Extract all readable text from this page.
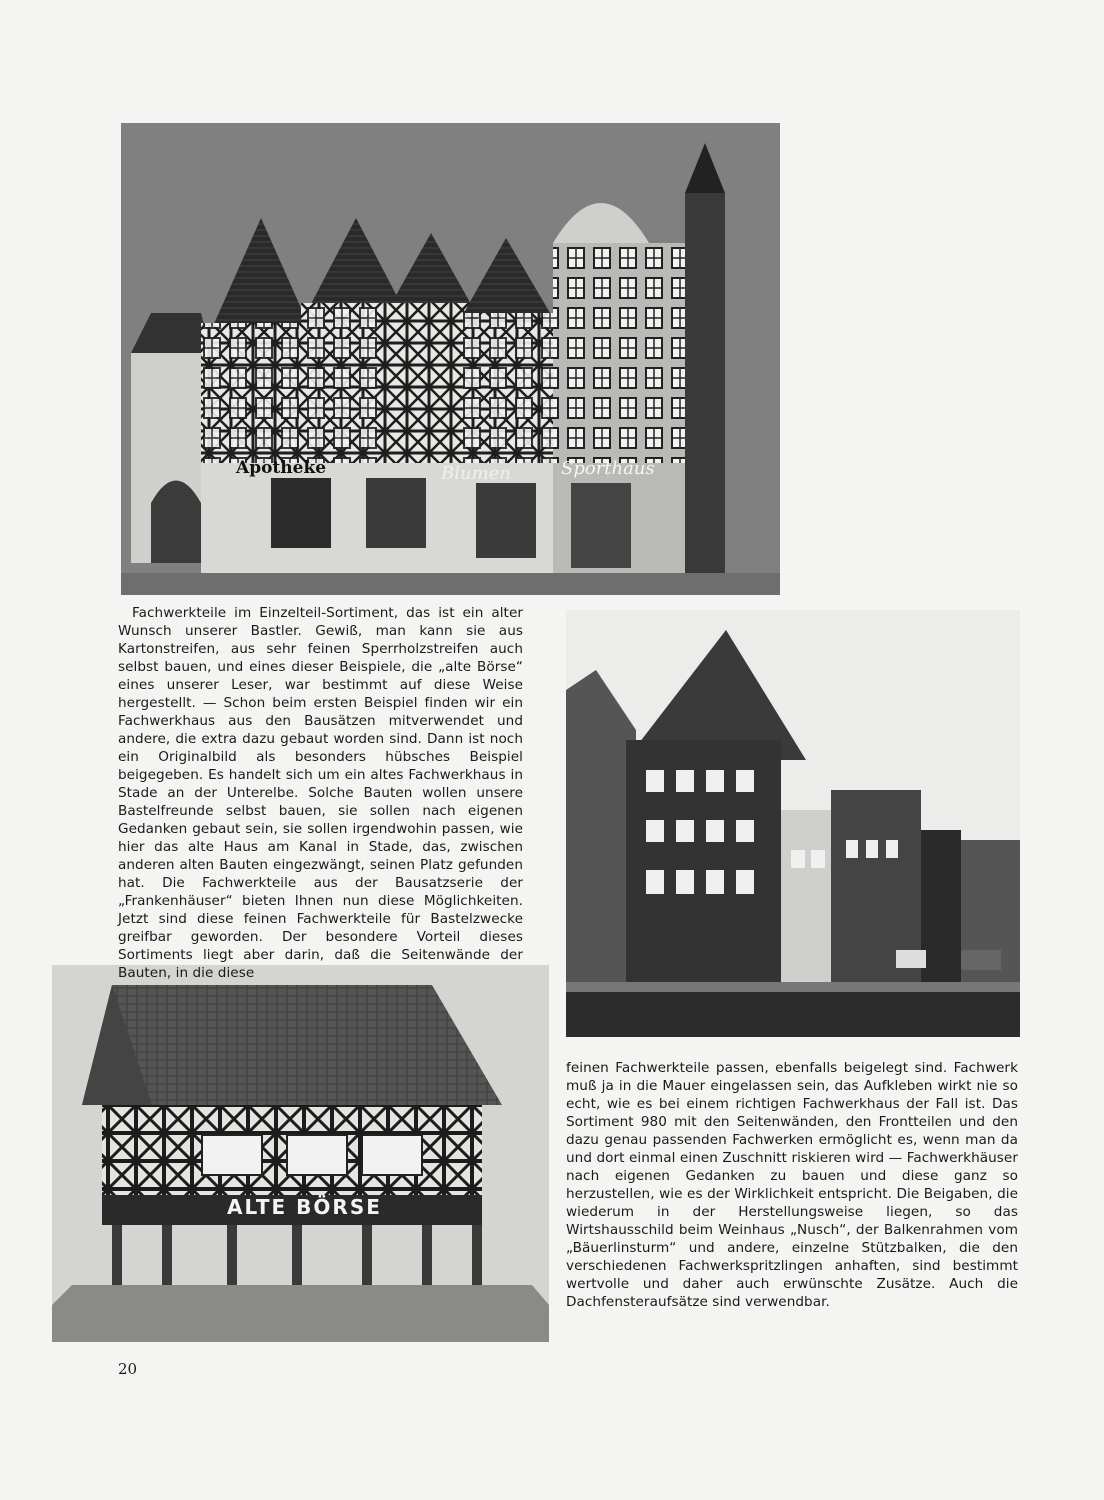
Apotheke	Blumen	Sporthaus
ALTE BÖRSE

Fachwerkteile im Einzelteil-Sortiment, das ist ein alter Wunsch unserer Bastler. Gewiß, man kann sie aus Kartonstreifen, aus sehr feinen Sperrholzstreifen auch selbst bauen, und eines dieser Beispiele, die „alte Börse“ eines unserer Leser, war bestimmt auf diese Weise hergestellt. — Schon beim ersten Beispiel finden wir ein Fachwerkhaus aus den Bausätzen mitverwendet und andere, die extra dazu gebaut worden sind. Dann ist noch ein Originalbild als besonders hübsches Beispiel beigegeben. Es handelt sich um ein altes Fachwerkhaus in Stade an der Unterelbe. Solche Bauten wollen unsere Bastelfreunde selbst bauen, sie sollen nach eigenen Gedanken gebaut sein, sie sollen irgendwohin passen, wie hier das alte Haus am Kanal in Stade, das, zwischen anderen alten Bauten eingezwängt, seinen Platz gefunden hat. Die Fachwerkteile aus der Bausatzserie der „Frankenhäuser“ bieten Ihnen nun diese Möglichkeiten. Jetzt sind diese feinen Fachwerkteile für Bastelzwecke greifbar geworden. Der besondere Vorteil dieses Sortiments liegt aber darin, daß die Seitenwände der Bauten, in die diese

feinen Fachwerkteile passen, ebenfalls beigelegt sind. Fachwerk muß ja in die Mauer eingelassen sein, das Aufkleben wirkt nie so echt, wie es bei einem richtigen Fachwerkhaus der Fall ist. Das Sortiment 980 mit den Seitenwänden, den Frontteilen und den dazu genau passenden Fachwerken ermöglicht es, wenn man da und dort einmal einen Zuschnitt riskieren wird — Fachwerkhäuser nach eigenen Gedanken zu bauen und diese ganz so herzustellen, wie es der Wirklichkeit entspricht. Die Beigaben, die wiederum in der Herstellungsweise liegen, so das Wirtshausschild beim Weinhaus „Nusch“, der Balkenrahmen vom „Bäuerlinsturm“ und andere, einzelne Stützbalken, die den verschiedenen Fachwerkspritzlingen anhaften, sind bestimmt wertvolle und daher auch erwünschte Zusätze. Auch die Dachfensteraufsätze sind verwendbar.

20
